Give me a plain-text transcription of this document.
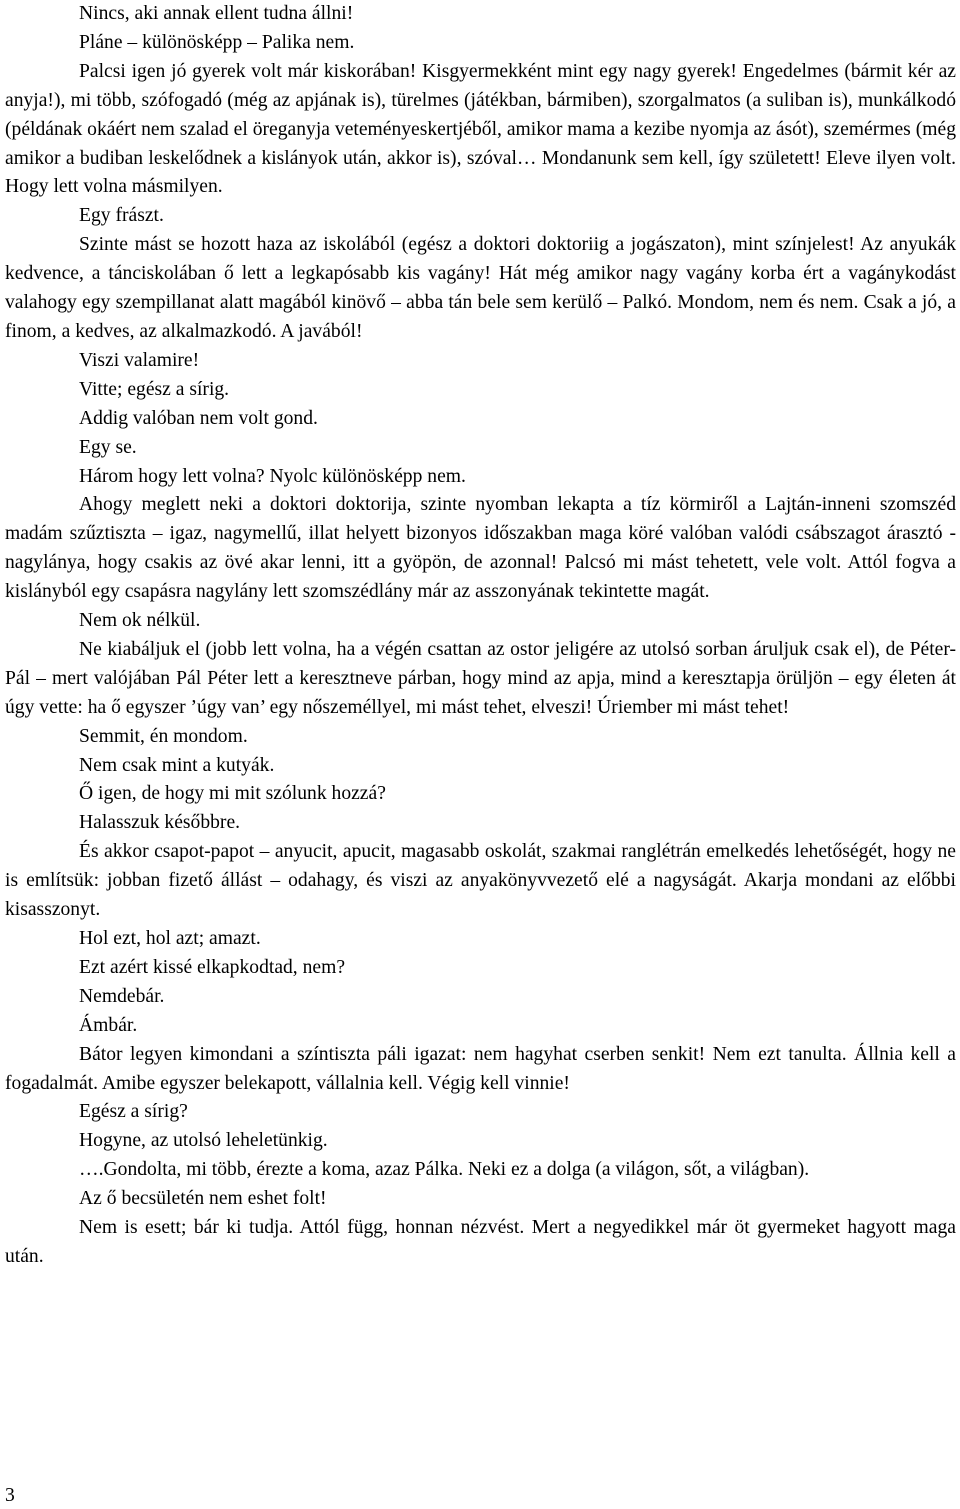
Nincs, aki annak ellent tudna állni!

Pláne – különösképp – Palika nem.

Palcsi igen jó gyerek volt már kiskorában! Kisgyermekként mint egy nagy gyerek! Engedelmes (bármit kér az anyja!), mi több, szófogadó (még az apjának is), türelmes (játékban, bármiben), szorgalmatos (a suliban is), munkálkodó (példának okáért nem szalad el öreganyja veteményeskertjéből, amikor mama a kezibe nyomja az ásót), szemérmes (még amikor a budiban leskelődnek a kislányok után, akkor is), szóval… Mondanunk sem kell, így született! Eleve ilyen volt. Hogy lett volna másmilyen.

Egy frászt.

Szinte mást se hozott haza az iskolából (egész a doktori doktoriig a jogászaton), mint színjelest! Az anyukák kedvence, a tánciskolában ő lett a legkapósabb kis vagány! Hát még amikor nagy vagány korba ért a vagánykodást valahogy egy szempillanat alatt magából kinövő – abba tán bele sem kerülő – Palkó. Mondom, nem és nem. Csak a jó, a finom, a kedves, az alkalmazkodó. A javából!

Viszi valamire!

Vitte; egész a sírig.

Addig valóban nem volt gond.

Egy se.

Három hogy lett volna? Nyolc különösképp nem.

Ahogy meglett neki a doktori doktorija, szinte nyomban lekapta a tíz körmiről a Lajtán-inneni szomszéd madám szűztiszta – igaz, nagymellű, illat helyett bizonyos időszakban maga köré valóban valódi csábszagot árasztó - nagylánya, hogy csakis az övé akar lenni, itt a gyöpön, de azonnal! Palcsó mi mást tehetett, vele volt. Attól fogva a kislányból egy csapásra nagylány lett szomszédlány már az asszonyának tekintette magát.

Nem ok nélkül.

Ne kiabáljuk el (jobb lett volna, ha a végén csattan az ostor jeligére az utolsó sorban áruljuk csak el), de Péter-Pál – mert valójában Pál Péter lett a keresztneve párban, hogy mind az apja, mind a keresztapja örüljön – egy életen át úgy vette: ha ő egyszer ’úgy van’ egy nőszeméllyel, mi mást tehet, elveszi! Úriember mi mást tehet!

Semmit, én mondom.

Nem csak mint a kutyák.

Ő igen, de hogy mi mit szólunk hozzá?

Halasszuk későbbre.

És akkor csapot-papot – anyucit, apucit, magasabb oskolát, szakmai ranglétrán emelkedés lehetőségét, hogy ne is említsük: jobban fizető állást – odahagy, és viszi az anyakönyvvezető elé a nagyságát. Akarja mondani az előbbi kisasszonyt.

Hol ezt, hol azt; amazt.

Ezt azért kissé elkapkodtad, nem?

Nemdebár.

Ámbár.

Bátor legyen kimondani a színtiszta páli igazat: nem hagyhat cserben senkit! Nem ezt tanulta. Állnia kell a fogadalmát. Amibe egyszer belekapott, vállalnia kell. Végig kell vinnie!

Egész a sírig?

Hogyne, az utolsó leheletünkig.

….Gondolta, mi több, érezte a koma, azaz Pálka. Neki ez a dolga (a világon, sőt, a világban).

Az ő becsületén nem eshet folt!

Nem is esett; bár ki tudja. Attól függ, honnan nézvést. Mert a negyedikkel már öt gyermeket hagyott maga után.

3
